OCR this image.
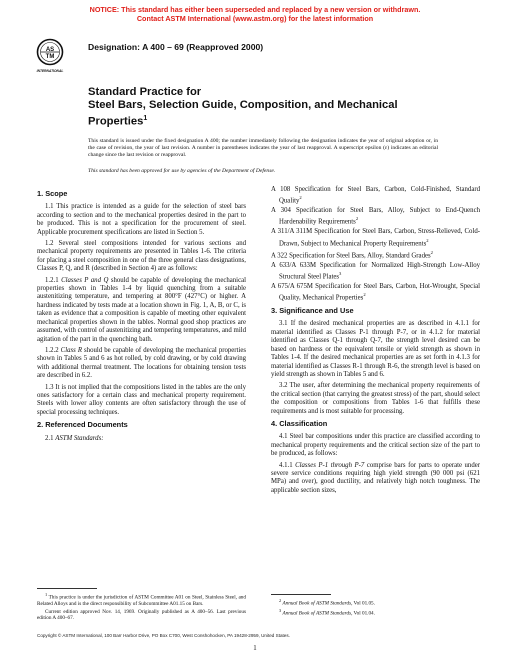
NOTICE: This standard has either been superseded and replaced by a new version or withdrawn.
Contact ASTM International (www.astm.org) for the latest information
AS
TM
INTERNATIONAL
Designation: A 400 – 69 (Reapproved 2000)
Standard Practice for
Steel Bars, Selection Guide, Composition, and Mechanical
Properties$^1$
This standard is issued under the fixed designation A 400; the number immediately following the designation indicates the year of original adoption or, in the case of revision, the year of last revision. A number in parentheses indicates the year of last reapproval. A superscript epsilon (ε) indicates an editorial change since the last revision or reapproval.
This standard has been approved for use by agencies of the Department of Defense.
1. Scope

1.1 This practice is intended as a guide for the selection of steel bars according to section and to the mechanical properties desired in the part to be produced. This is not a specification for the procurement of steel. Applicable procurement specifications are listed in Section 5.

1.2 Several steel compositions intended for various sections and mechanical property requirements are presented in Tables 1-6. The criteria for placing a steel composition in one of the three general class designations, Classes P, Q, and R (described in Section 4) are as follows:

1.2.1 Classes P and Q should be capable of developing the mechanical properties shown in Tables 1-4 by liquid quenching from a suitable austenitizing temperature, and tempering at 800°F (427°C) or higher. A hardness indicated by tests made at a location shown in Fig. 1, A, B, or C, is taken as evidence that a composition is capable of meeting other equivalent mechanical properties shown in the tables. Normal good shop practices are assumed, with control of austenitizing and tempering temperatures, and mild agitation of the part in the quenching bath.

1.2.2 Class R should be capable of developing the mechanical properties shown in Tables 5 and 6 as hot rolled, by cold drawing, or by cold drawing with additional thermal treatment. The locations for obtaining tension tests are described in 6.2.

1.3 It is not implied that the compositions listed in the tables are the only ones satisfactory for a certain class and mechanical property requirement. Steels with lower alloy contents are often satisfactory through the use of special processing techniques.

2. Referenced Documents

2.1 ASTM Standards:

$^1$ This practice is under the jurisdiction of ASTM Committee A01 on Steel, Stainless Steel, and Related Alloys and is the direct responsibility of Subcommittee A01.15 on Bars.

Current edition approved Nov. 14, 1969. Originally published as A 400–56. Last previous edition A 400–67.

A 108 Specification for Steel Bars, Carbon, Cold-Finished, Standard Quality$^2$

A 304 Specification for Steel Bars, Alloy, Subject to End-Quench Hardenability Requirements$^2$

A 311/A 311M Specification for Steel Bars, Carbon, Stress-Relieved, Cold-Drawn, Subject to Mechanical Property Requirements$^2$

A 322 Specification for Steel Bars, Alloy, Standard Grades$^2$

A 633/A 633M Specification for Normalized High-Strength Low-Alloy Structural Steel Plates$^3$

A 675/A 675M Specification for Steel Bars, Carbon, Hot-Wrought, Special Quality, Mechanical Properties$^2$

3. Significance and Use

3.1 If the desired mechanical properties are as described in 4.1.1 for material identified as Classes P-1 through P-7, or in 4.1.2 for material identified as Classes Q-1 through Q-7, the strength level desired can be based on hardness or the equivalent tensile or yield strength as shown in Tables 1-4. If the desired mechanical properties are as set forth in 4.1.3 for material identified as Classes R-1 through R-6, the strength level is based on yield strength as shown in Tables 5 and 6.

3.2 The user, after determining the mechanical property requirements of the critical section (that carrying the greatest stress) of the part, should select the composition or compositions from Tables 1-6 that fulfills these requirements and is most suitable for processing.

4. Classification

4.1 Steel bar compositions under this practice are classified according to mechanical property requirements and the critical section size of the part to be produced, as follows:

4.1.1 Classes P-1 through P-7 comprise bars for parts to operate under severe service conditions requiring high yield strength (90 000 psi (621 MPa) and over), good ductility, and relatively high notch toughness. The applicable section sizes,

$^2$ Annual Book of ASTM Standards, Vol 01.05.

$^3$ Annual Book of ASTM Standards, Vol 01.04.

Copyright © ASTM International, 100 Barr Harbor Drive, PO Box C700, West Conshohocken, PA 19428-2959, United States.
1
